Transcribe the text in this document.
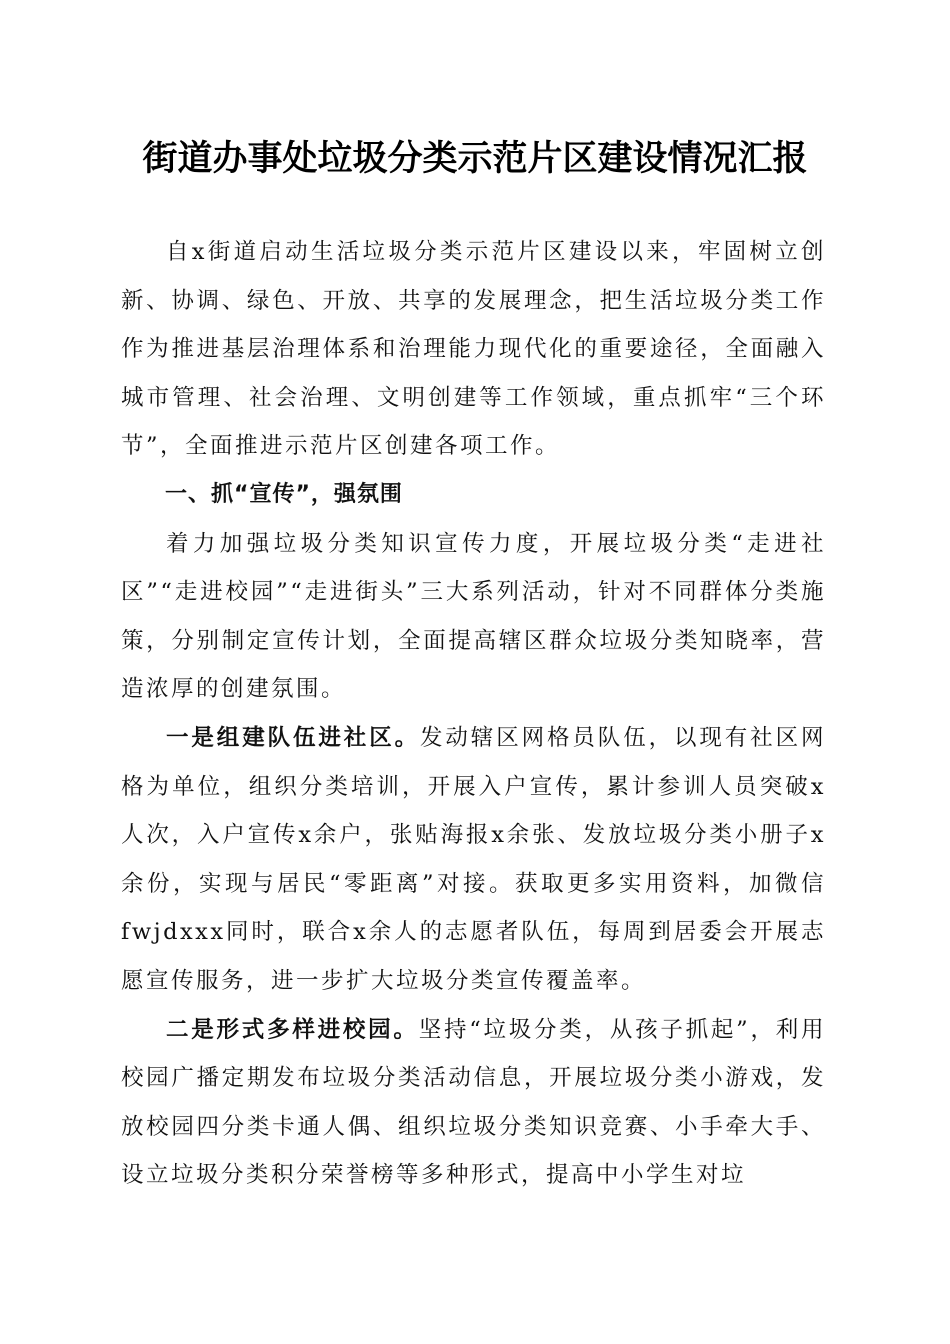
街道办事处垃圾分类示范片区建设情况汇报

自x街道启动生活垃圾分类示范片区建设以来，牢固树立创新、协调、绿色、开放、共享的发展理念，把生活垃圾分类工作作为推进基层治理体系和治理能力现代化的重要途径，全面融入城市管理、社会治理、文明创建等工作领域，重点抓牢“三个环节”，全面推进示范片区创建各项工作。

一、抓“宣传”，强氛围

着力加强垃圾分类知识宣传力度，开展垃圾分类“走进社区”“走进校园”“走进街头”三大系列活动，针对不同群体分类施策，分别制定宣传计划，全面提高辖区群众垃圾分类知晓率，营造浓厚的创建氛围。

一是组建队伍进社区。发动辖区网格员队伍，以现有社区网格为单位，组织分类培训，开展入户宣传，累计参训人员突破x人次，入户宣传x余户，张贴海报x余张、发放垃圾分类小册子x余份，实现与居民“零距离”对接。获取更多实用资料，加微信fwjdxxx同时，联合x余人的志愿者队伍，每周到居委会开展志愿宣传服务，进一步扩大垃圾分类宣传覆盖率。

二是形式多样进校园。坚持“垃圾分类，从孩子抓起”，利用校园广播定期发布垃圾分类活动信息，开展垃圾分类小游戏，发放校园四分类卡通人偶、组织垃圾分类知识竞赛、小手牵大手、设立垃圾分类积分荣誉榜等多种形式，提高中小学生对垃
